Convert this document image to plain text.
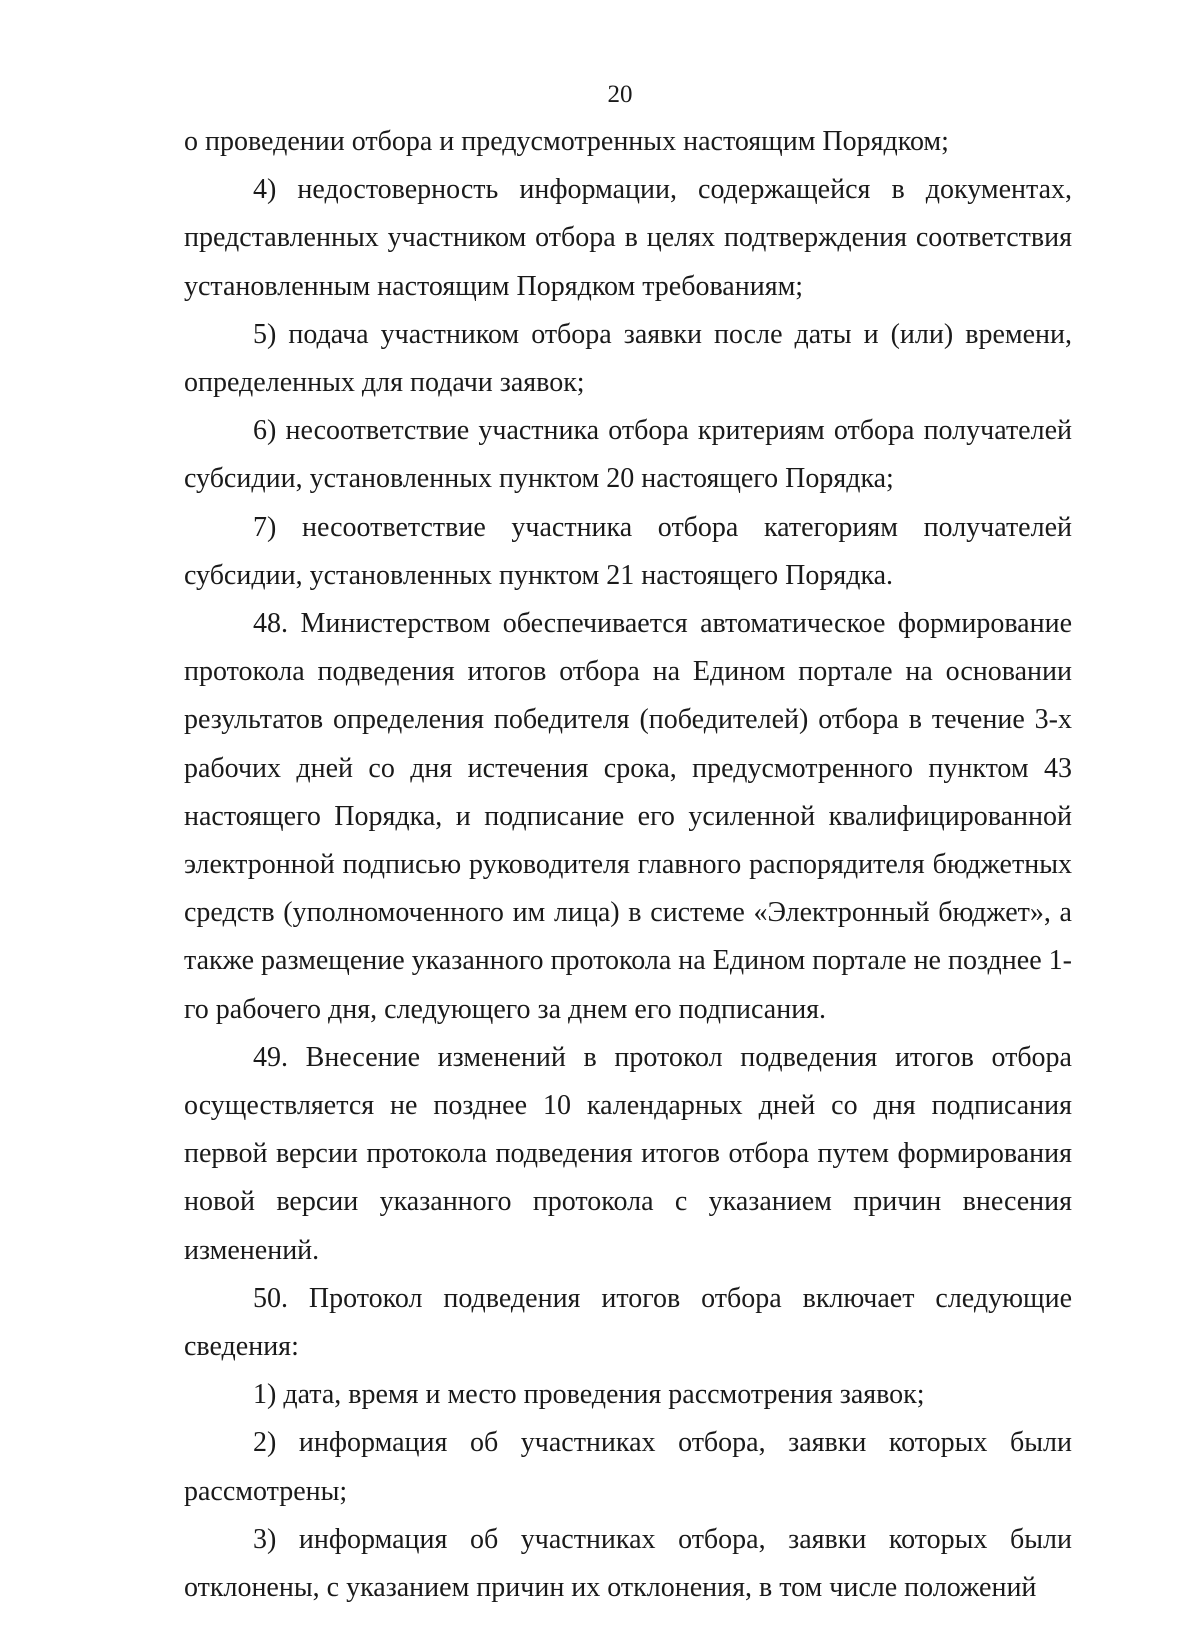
20

о проведении отбора и предусмотренных настоящим Порядком;

4) недостоверность информации, содержащейся в документах, представленных участником отбора в целях подтверждения соответствия установленным настоящим Порядком требованиям;

5) подача участником отбора заявки после даты и (или) времени, определенных для подачи заявок;

6) несоответствие участника отбора критериям отбора получателей субсидии, установленных пунктом 20 настоящего Порядка;

7) несоответствие участника отбора категориям получателей субсидии, установленных пунктом 21 настоящего Порядка.

48. Министерством обеспечивается автоматическое формирование протокола подведения итогов отбора на Едином портале на основании результатов определения победителя (победителей) отбора в течение 3-х рабочих дней со дня истечения срока, предусмотренного пунктом 43 настоящего Порядка, и подписание его усиленной квалифицированной электронной подписью руководителя главного распорядителя бюджетных средств (уполномоченного им лица) в системе «Электронный бюджет», а также размещение указанного протокола на Едином портале не позднее 1-го рабочего дня, следующего за днем его подписания.

49. Внесение изменений в протокол подведения итогов отбора осуществляется не позднее 10 календарных дней со дня подписания первой версии протокола подведения итогов отбора путем формирования новой версии указанного протокола с указанием причин внесения изменений.

50. Протокол подведения итогов отбора включает следующие сведения:

1) дата, время и место проведения рассмотрения заявок;

2) информация об участниках отбора, заявки которых были рассмотрены;

3) информация об участниках отбора, заявки которых были отклонены, с указанием причин их отклонения, в том числе положений
